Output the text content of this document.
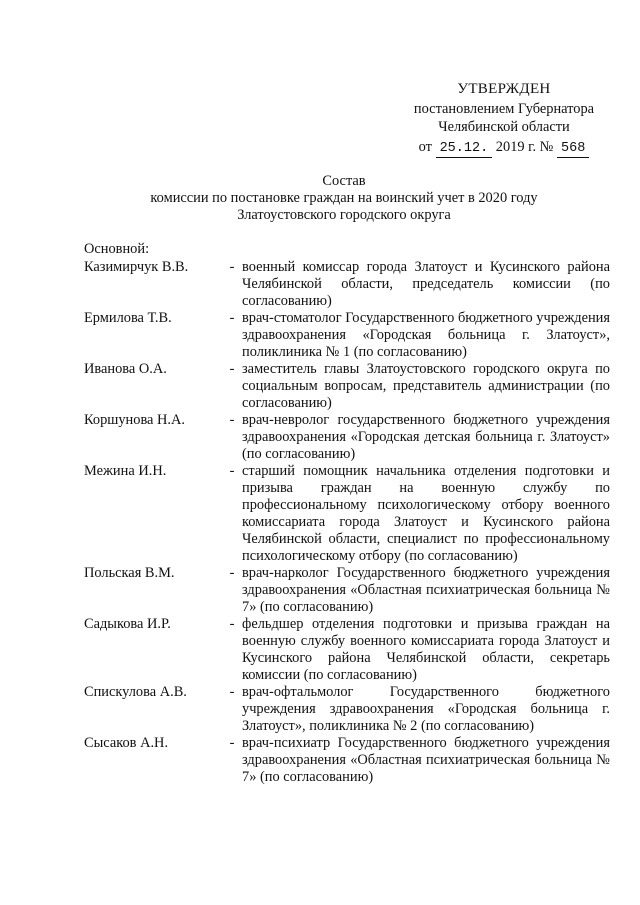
УТВЕРЖДЕН
постановлением Губернатора
Челябинской области
от 25.12. 2019 г. № 568
Состав
комиссии по постановке граждан на воинский учет в 2020 году
Златоустовского городского округа
Основной:
Казимирчук В.В.	- военный комиссар города Златоуст и Кусинского района Челябинской области, председатель комиссии (по согласованию)
Ермилова Т.В.	- врач-стоматолог Государственного бюджетного учреждения здравоохранения «Городская больница г. Златоуст», поликлиника № 1 (по согласованию)
Иванова О.А.	- заместитель главы Златоустовского городского округа по социальным вопросам, представитель администрации (по согласованию)
Коршунова Н.А.	- врач-невролог государственного бюджетного учреждения здравоохранения «Городская детская больница г. Златоуст» (по согласованию)
Межина И.Н.	- старший помощник начальника отделения подготовки и призыва граждан на военную службу по профессиональному психологическому отбору военного комиссариата города Златоуст и Кусинского района Челябинской области, специалист по профессиональному психологическому отбору (по согласованию)
Польская В.М.	- врач-нарколог Государственного бюджетного учреждения здравоохранения «Областная психиатрическая больница № 7» (по согласованию)
Садыкова И.Р.	- фельдшер отделения подготовки и призыва граждан на военную службу военного комиссариата города Златоуст и Кусинского района Челябинской области, секретарь комиссии (по согласованию)
Спискулова А.В.	- врач-офтальмолог Государственного бюджетного учреждения здравоохранения «Городская больница г. Златоуст», поликлиника № 2 (по согласованию)
Сысаков А.Н.	- врач-психиатр Государственного бюджетного учреждения здравоохранения «Областная психиатрическая больница № 7» (по согласованию)
